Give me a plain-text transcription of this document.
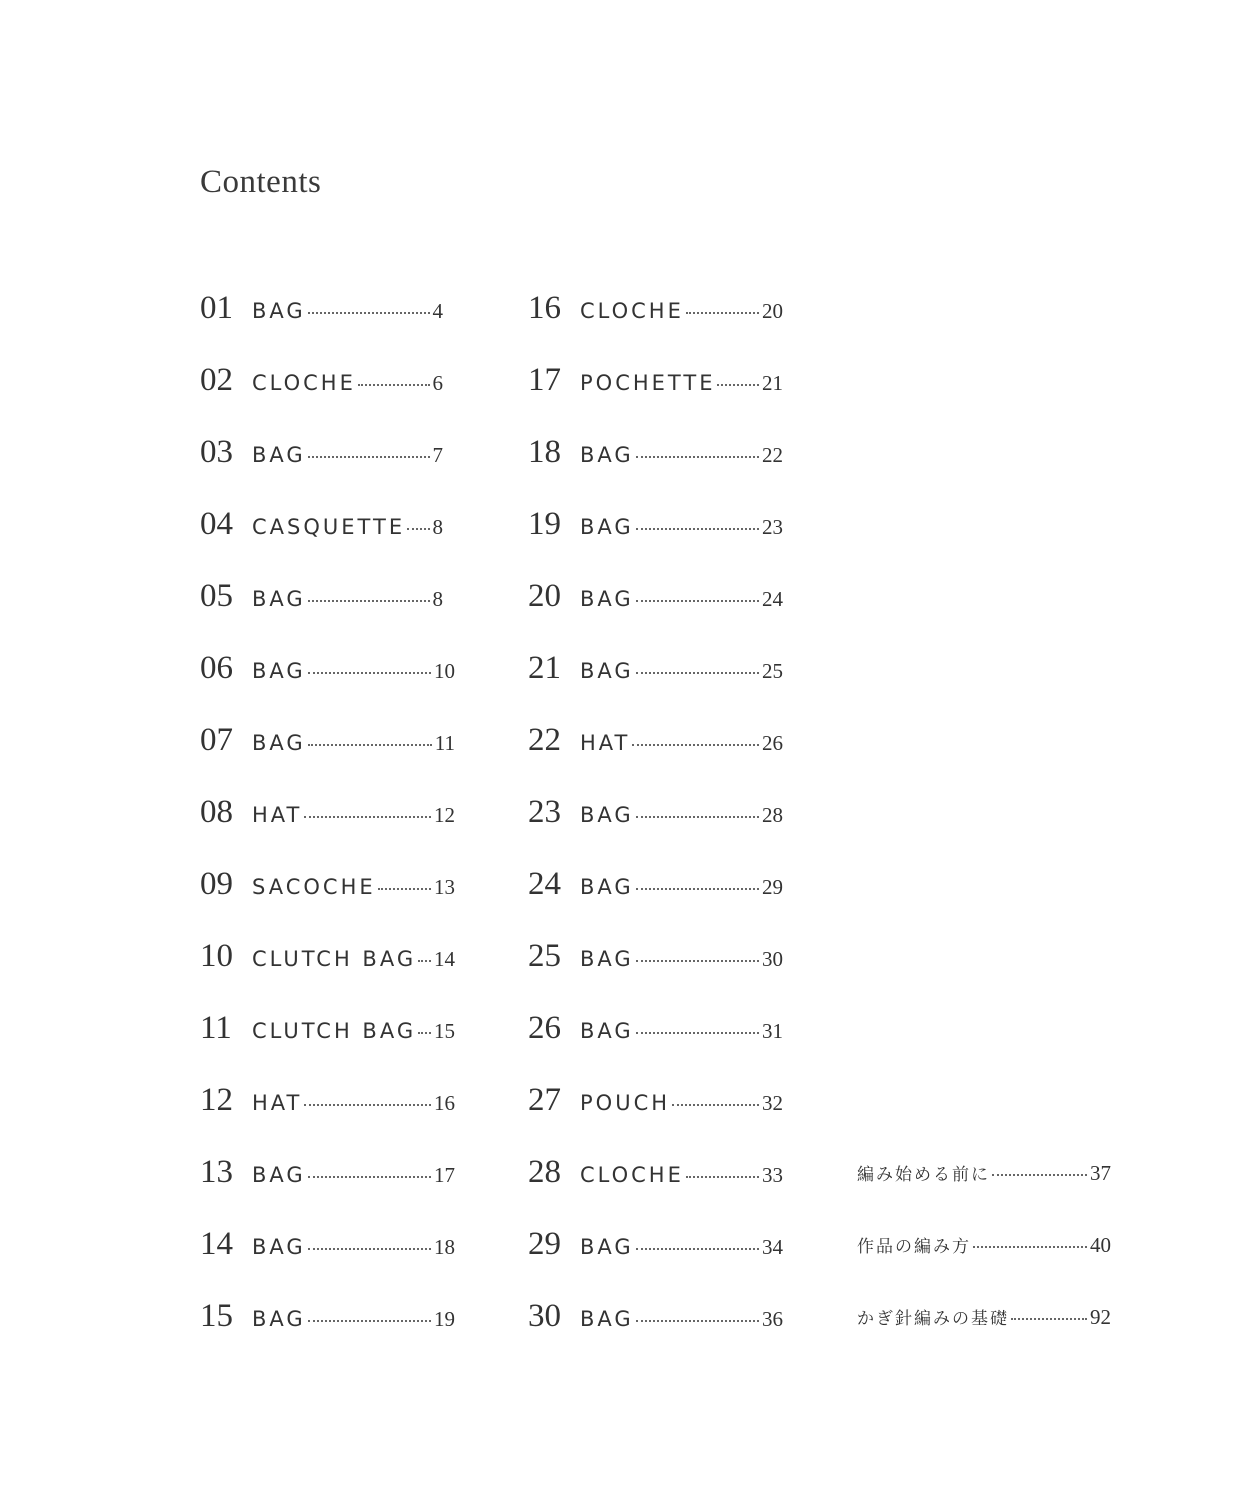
Contents
01 BAG	4
02 CLOCHE	6
03 BAG	7
04 CASQUETTE 8
05 BAG	8
06 BAG	10
07 BAG	11
08 HAT	12
09 SACOCHE	13
10 CLUTCH BAG 14
11 CLUTCH BAG 15
12 HAT	16
13 BAG	17
14 BAG	18
15 BAG	19
16 CLOCHE	20
17 POCHETTE 21
18 BAG	22
19 BAG	23
20 BAG	24
21 BAG	25
22 HAT	26
23 BAG	28
24 BAG	29
25 BAG	30
26 BAG	31
27 POUCH	32
28 CLOCHE	33
29 BAG	34
30 BAG	36
編み始める前に	37
作品の編み方	40
かぎ針編みの基礎	92
